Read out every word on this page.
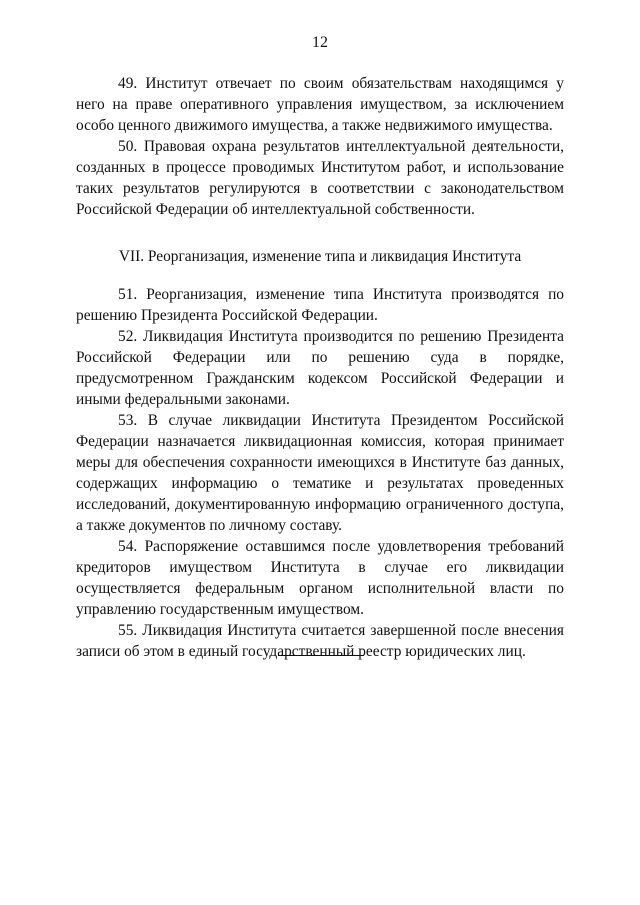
12

49. Институт отвечает по своим обязательствам находящимся у него на праве оперативного управления имуществом, за исключением особо ценного движимого имущества, а также недвижимого имущества.

50. Правовая охрана результатов интеллектуальной деятельности, созданных в процессе проводимых Институтом работ, и использование таких результатов регулируются в соответствии с законодательством Российской Федерации об интеллектуальной собственности.

VII. Реорганизация, изменение типа и ликвидация Института

51. Реорганизация, изменение типа Института производятся по решению Президента Российской Федерации.

52. Ликвидация Института производится по решению Президента Российской Федерации или по решению суда в порядке, предусмотренном Гражданским кодексом Российской Федерации и иными федеральными законами.

53. В случае ликвидации Института Президентом Российской Федерации назначается ликвидационная комиссия, которая принимает меры для обеспечения сохранности имеющихся в Институте баз данных, содержащих информацию о тематике и результатах проведенных исследований, документированную информацию ограниченного доступа, а также документов по личному составу.

54. Распоряжение оставшимся после удовлетворения требований кредиторов имуществом Института в случае его ликвидации осуществляется федеральным органом исполнительной власти по управлению государственным имуществом.

55. Ликвидация Института считается завершенной после внесения записи об этом в единый государственный реестр юридических лиц.
